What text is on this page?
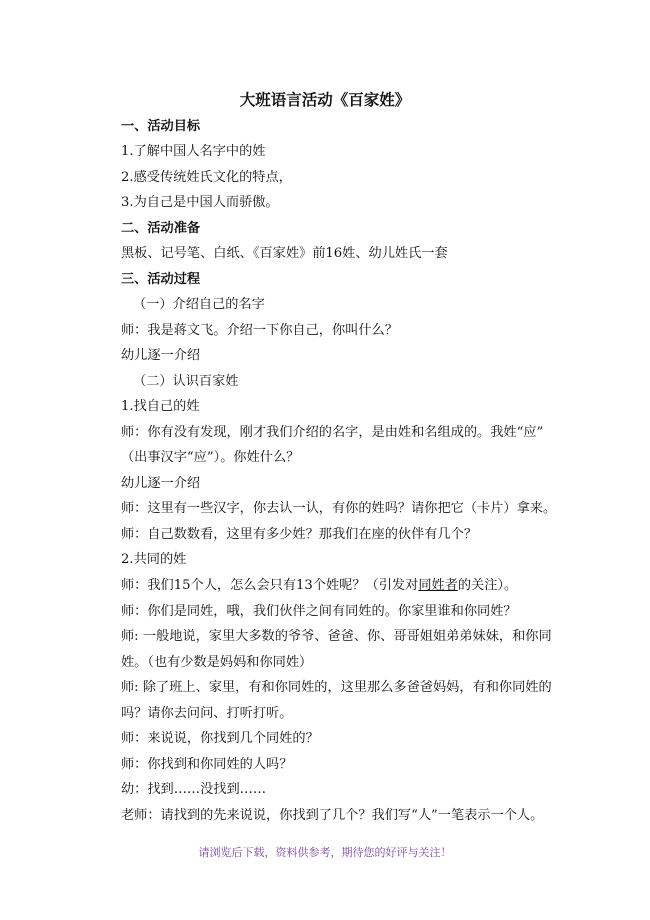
大班语言活动《百家姓》
一、活动目标
1.了解中国人名字中的姓
2.感受传统姓氏文化的特点，
3.为自己是中国人而骄傲。
二、活动准备
黑板、记号笔、白纸、《百家姓》前16姓、幼儿姓氏一套
三、活动过程
（一）介绍自己的名字
师：我是蒋文飞。介绍一下你自己，你叫什么？
幼儿逐一介绍
（二）认识百家姓
1.找自己的姓
师：你有没有发现，刚才我们介绍的名字，是由姓和名组成的。我姓“应”
（出事汉字“应”）。你姓什么？
幼儿逐一介绍
师：这里有一些汉字，你去认一认，有你的姓吗？请你把它（卡片）拿来。
师：自己数数看，这里有多少姓？那我们在座的伙伴有几个？
2.共同的姓
师：我们15个人，怎么会只有13个姓呢？（引发对同姓者的关注）。
师：你们是同姓，哦，我们伙伴之间有同姓的。你家里谁和你同姓？
师: 一般地说，家里大多数的爷爷、爸爸、你、哥哥姐姐弟弟妹妹，和你同
姓。（也有少数是妈妈和你同姓）
师: 除了班上、家里，有和你同姓的，这里那么多爸爸妈妈，有和你同姓的
吗？请你去问问、打听打听。
师：来说说，你找到几个同姓的？
师：你找到和你同姓的人吗？
幼：找到……没找到……
老师：请找到的先来说说，你找到了几个？我们写“人”一笔表示一个人。
请浏览后下载，资料供参考，期待您的好评与关注！
